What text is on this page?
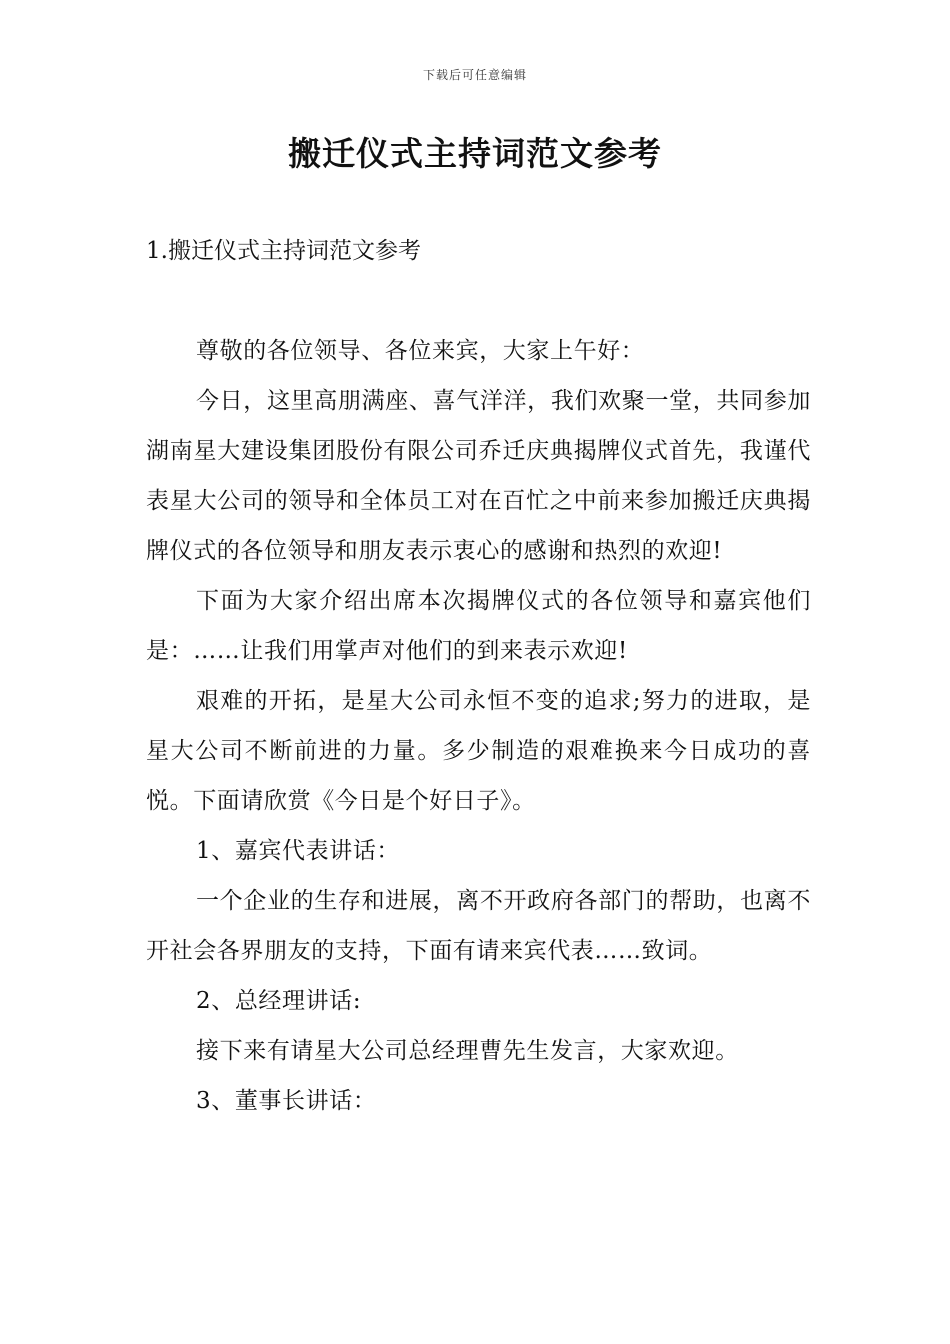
下载后可任意编辑
搬迁仪式主持词范文参考
1.搬迁仪式主持词范文参考

尊敬的各位领导、各位来宾，大家上午好：

今日，这里高朋满座、喜气洋洋，我们欢聚一堂，共同参加湖南星大建设集团股份有限公司乔迁庆典揭牌仪式首先，我谨代表星大公司的领导和全体员工对在百忙之中前来参加搬迁庆典揭牌仪式的各位领导和朋友表示衷心的感谢和热烈的欢迎!

下面为大家介绍出席本次揭牌仪式的各位领导和嘉宾他们是：……让我们用掌声对他们的到来表示欢迎!

艰难的开拓，是星大公司永恒不变的追求;努力的进取，是星大公司不断前进的力量。多少制造的艰难换来今日成功的喜悦。下面请欣赏《今日是个好日子》。

1、嘉宾代表讲话：

一个企业的生存和进展，离不开政府各部门的帮助，也离不开社会各界朋友的支持，下面有请来宾代表……致词。

2、总经理讲话:

接下来有请星大公司总经理曹先生发言，大家欢迎。

3、董事长讲话：
